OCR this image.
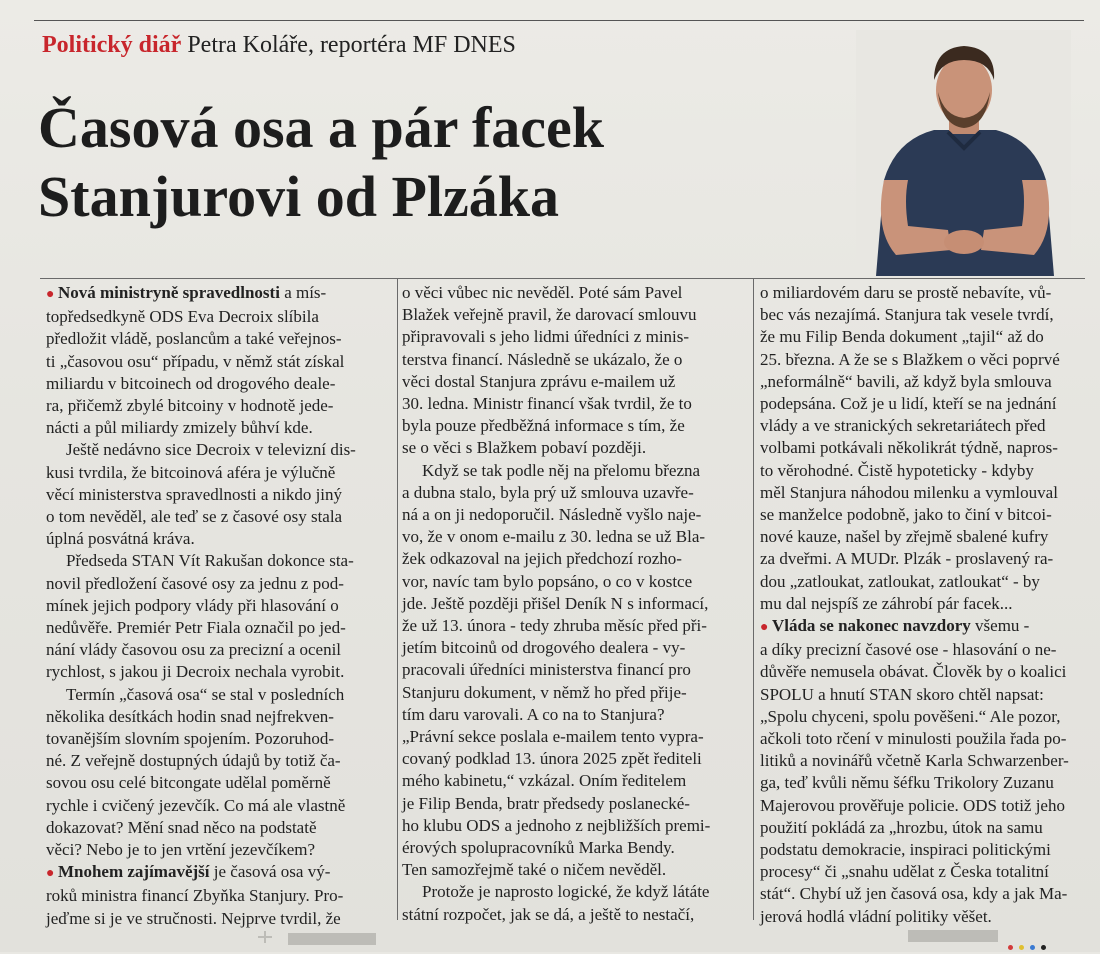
Politický diář Petra Koláře, reportéra MF DNES
Časová osa a pár facek
Stanjurovi od Plzáka
● Nová ministryně spravedlnosti a mís-
topředsedkyně ODS Eva Decroix slíbila
předložit vládě, poslancům a také veřejnos-
ti „časovou osu“ případu, v němž stát získal
miliardu v bitcoinech od drogového deale-
ra, přičemž zbylé bitcoiny v hodnotě jede-
nácti a půl miliardy zmizely bůhví kde.
Ještě nedávno sice Decroix v televizní dis-
kusi tvrdila, že bitcoinová aféra je výlučně
věcí ministerstva spravedlnosti a nikdo jiný
o tom nevěděl, ale teď se z časové osy stala
úplná posvátná kráva.
Předseda STAN Vít Rakušan dokonce sta-
novil předložení časové osy za jednu z pod-
mínek jejich podpory vlády při hlasování o
nedůvěře. Premiér Petr Fiala označil po jed-
nání vlády časovou osu za precizní a ocenil
rychlost, s jakou ji Decroix nechala vyrobit.
Termín „časová osa“ se stal v posledních
několika desítkách hodin snad nejfrekven-
tovanějším slovním spojením. Pozoruhod-
né. Z veřejně dostupných údajů by totiž ča-
sovou osu celé bitcongate udělal poměrně
rychle i cvičený jezevčík. Co má ale vlastně
dokazovat? Mění snad něco na podstatě
věci? Nebo je to jen vrtění jezevčíkem?
● Mnohem zajímavější je časová osa vý-
roků ministra financí Zbyňka Stanjury. Pro-
jeďme si je ve stručnosti. Nejprve tvrdil, že
o věci vůbec nic nevěděl. Poté sám Pavel
Blažek veřejně pravil, že darovací smlouvu
připravovali s jeho lidmi úředníci z minis-
terstva financí. Následně se ukázalo, že o
věci dostal Stanjura zprávu e-mailem už
30. ledna. Ministr financí však tvrdil, že to
byla pouze předběžná informace s tím, že
se o věci s Blažkem pobaví později.
Když se tak podle něj na přelomu března
a dubna stalo, byla prý už smlouva uzavře-
ná a on ji nedoporučil. Následně vyšlo naje-
vo, že v onom e-mailu z 30. ledna se už Bla-
žek odkazoval na jejich předchozí rozho-
vor, navíc tam bylo popsáno, o co v kostce
jde. Ještě později přišel Deník N s informací,
že už 13. února - tedy zhruba měsíc před při-
jetím bitcoinů od drogového dealera - vy-
pracovali úředníci ministerstva financí pro
Stanjuru dokument, v němž ho před přije-
tím daru varovali. A co na to Stanjura?
„Právní sekce poslala e-mailem tento vypra-
covaný podklad 13. února 2025 zpět řediteli
mého kabinetu,“ vzkázal. Oním ředitelem
je Filip Benda, bratr předsedy poslanecké-
ho klubu ODS a jednoho z nejbližších premi-
érových spolupracovníků Marka Bendy.
Ten samozřejmě také o ničem nevěděl.
Protože je naprosto logické, že když látáte
státní rozpočet, jak se dá, a ještě to nestačí,
o miliardovém daru se prostě nebavíte, vů-
bec vás nezajímá. Stanjura tak vesele tvrdí,
že mu Filip Benda dokument „tajil“ až do
25. března. A že se s Blažkem o věci poprvé
„neformálně“ bavili, až když byla smlouva
podepsána. Což je u lidí, kteří se na jednání
vlády a ve stranických sekretariátech před
volbami potkávali několikrát týdně, napros-
to věrohodné. Čistě hypoteticky - kdyby
měl Stanjura náhodou milenku a vymlouval
se manželce podobně, jako to činí v bitcoi-
nové kauze, našel by zřejmě sbalené kufry
za dveřmi. A MUDr. Plzák - proslavený ra-
dou „zatloukat, zatloukat, zatloukat“ - by
mu dal nejspíš ze záhrobí pár facek...
● Vláda se nakonec navzdory všemu -
a díky precizní časové ose - hlasování o ne-
důvěře nemusela obávat. Člověk by o koalici
SPOLU a hnutí STAN skoro chtěl napsat:
„Spolu chyceni, spolu pověšeni.“ Ale pozor,
ačkoli toto rčení v minulosti použila řada po-
litiků a novinářů včetně Karla Schwarzenber-
ga, teď kvůli němu šéfku Trikolory Zuzanu
Majerovou prověřuje policie. ODS totiž jeho
použití pokládá za „hrozbu, útok na samu
podstatu demokracie, inspiraci politickými
procesy“ či „snahu udělat z Česka totalitní
stát“. Chybí už jen časová osa, kdy a jak Ma-
jerová hodlá vládní politiky věšet.
